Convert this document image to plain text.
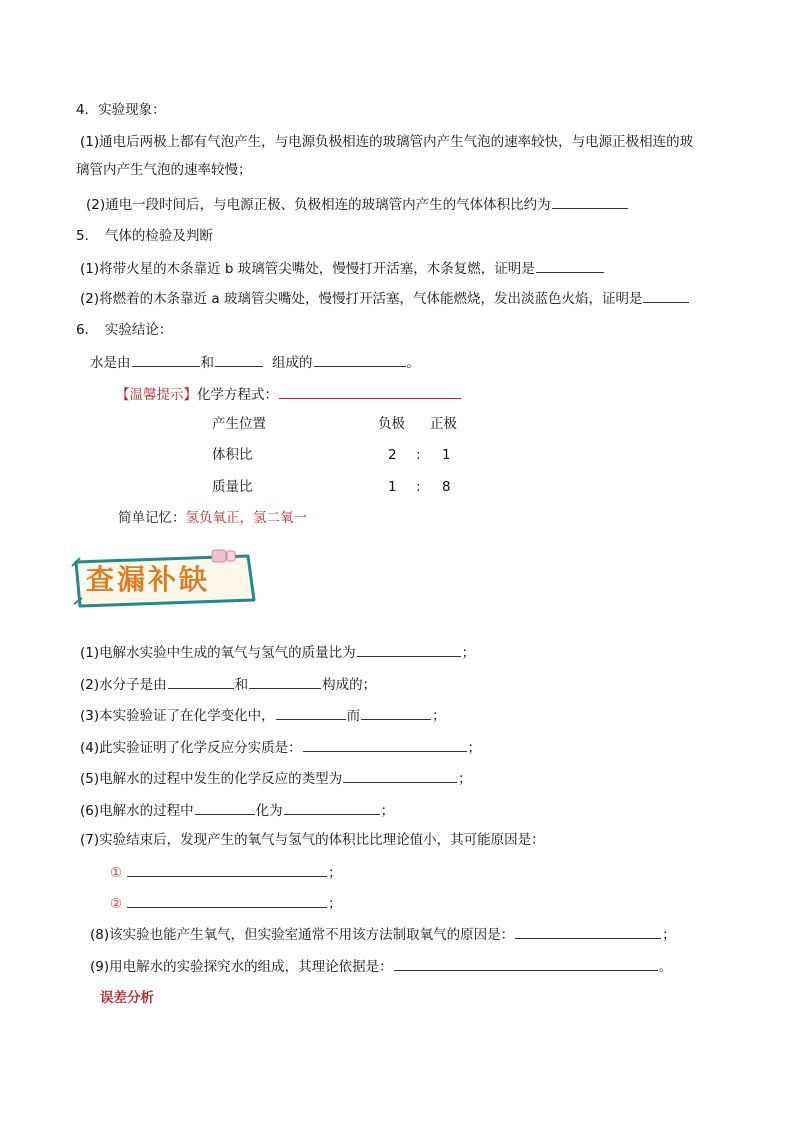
4．实验现象：
(1)通电后两极上都有气泡产生，与电源负极相连的玻璃管内产生气泡的速率较快，与电源正极相连的玻
璃管内产生气泡的速率较慢；
(2)通电一段时间后，与电源正极、负极相连的玻璃管内产生的气体体积比约为
5．　气体的检验及判断
(1)将带火星的木条靠近 b 玻璃管尖嘴处，慢慢打开活塞，木条复燃，证明是
(2)将燃着的木条靠近 a 玻璃管尖嘴处，慢慢打开活塞，气体能燃烧，发出淡蓝色火焰，证明是
6．　实验结论：
水是由	和	组成的	。
【温馨提示】化学方程式：
产生位置	负极 正极
体积比	2 : 1
质量比	1 : 8
简单记忆：氢负氧正，氢二氧一
查漏补缺
(1)电解水实验中生成的氧气与氢气的质量比为	；
(2)水分子是由	和	构成的；
(3)本实验验证了在化学变化中，	而	；
(4)此实验证明了化学反应分实质是：	；
(5)电解水的过程中发生的化学反应的类型为	；
(6)电解水的过程中	化为	；
(7)实验结束后，发现产生的氧气与氢气的体积比比理论值小，其可能原因是：
①	；
②	；
(8)该实验也能产生氧气，但实验室通常不用该方法制取氧气的原因是：	；
(9)用电解水的实验探究水的组成，其理论依据是：	。
误差分析
